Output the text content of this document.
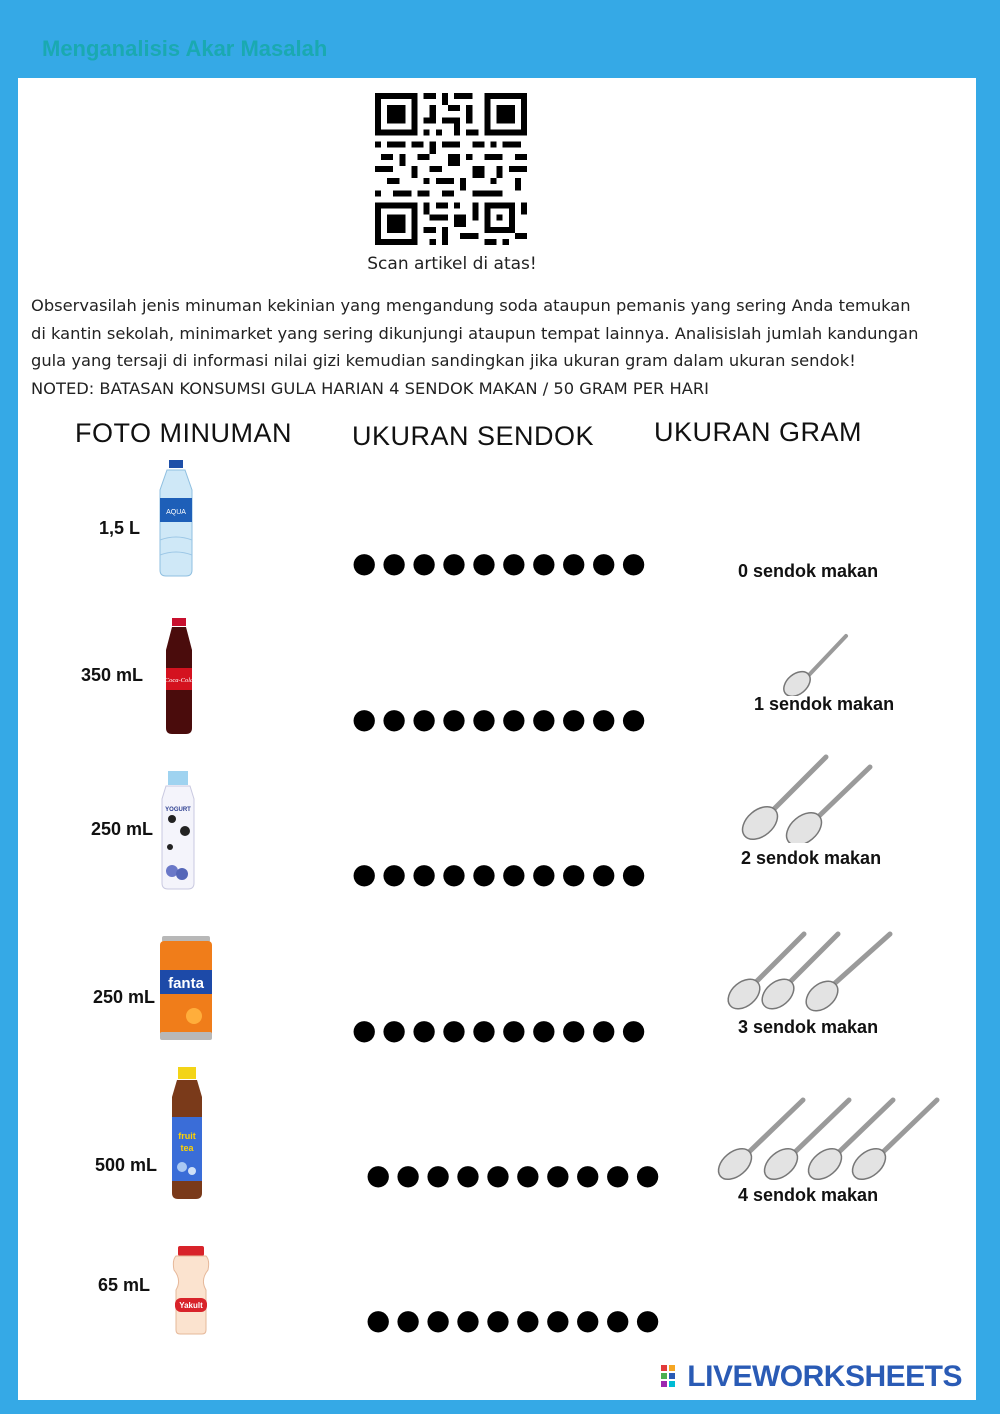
Menganalisis Akar Masalah
Scan artikel di atas!

Observasilah jenis minuman kekinian yang mengandung soda ataupun pemanis yang sering Anda temukan

di kantin sekolah, minimarket yang sering dikunjungi ataupun tempat lainnya. Analisislah jumlah kandungan

gula yang tersaji di informasi nilai gizi kemudian sandingkan jika ukuran gram dalam ukuran sendok!

NOTED: BATASAN KONSUMSI GULA HARIAN 4 SENDOK MAKAN / 50 GRAM PER HARI

FOTO MINUMAN UKURAN SENDOK UKURAN GRAM
1,5 L
AQUA
●●●●●●●●●●
350 mL	Coca-Cola
●●●●●●●●●●
250 mL
YOGURT
●●●●●●●●●●
250 mL
fanta
●●●●●●●●●●
500 mL
fruit
tea
●●●●●●●●●●
65 mL
Yakult	●●●●●●●●●●
0 sendok makan
1 sendok makan
2 sendok makan
3 sendok makan
4 sendok makan
LIVEWORKSHEETS
